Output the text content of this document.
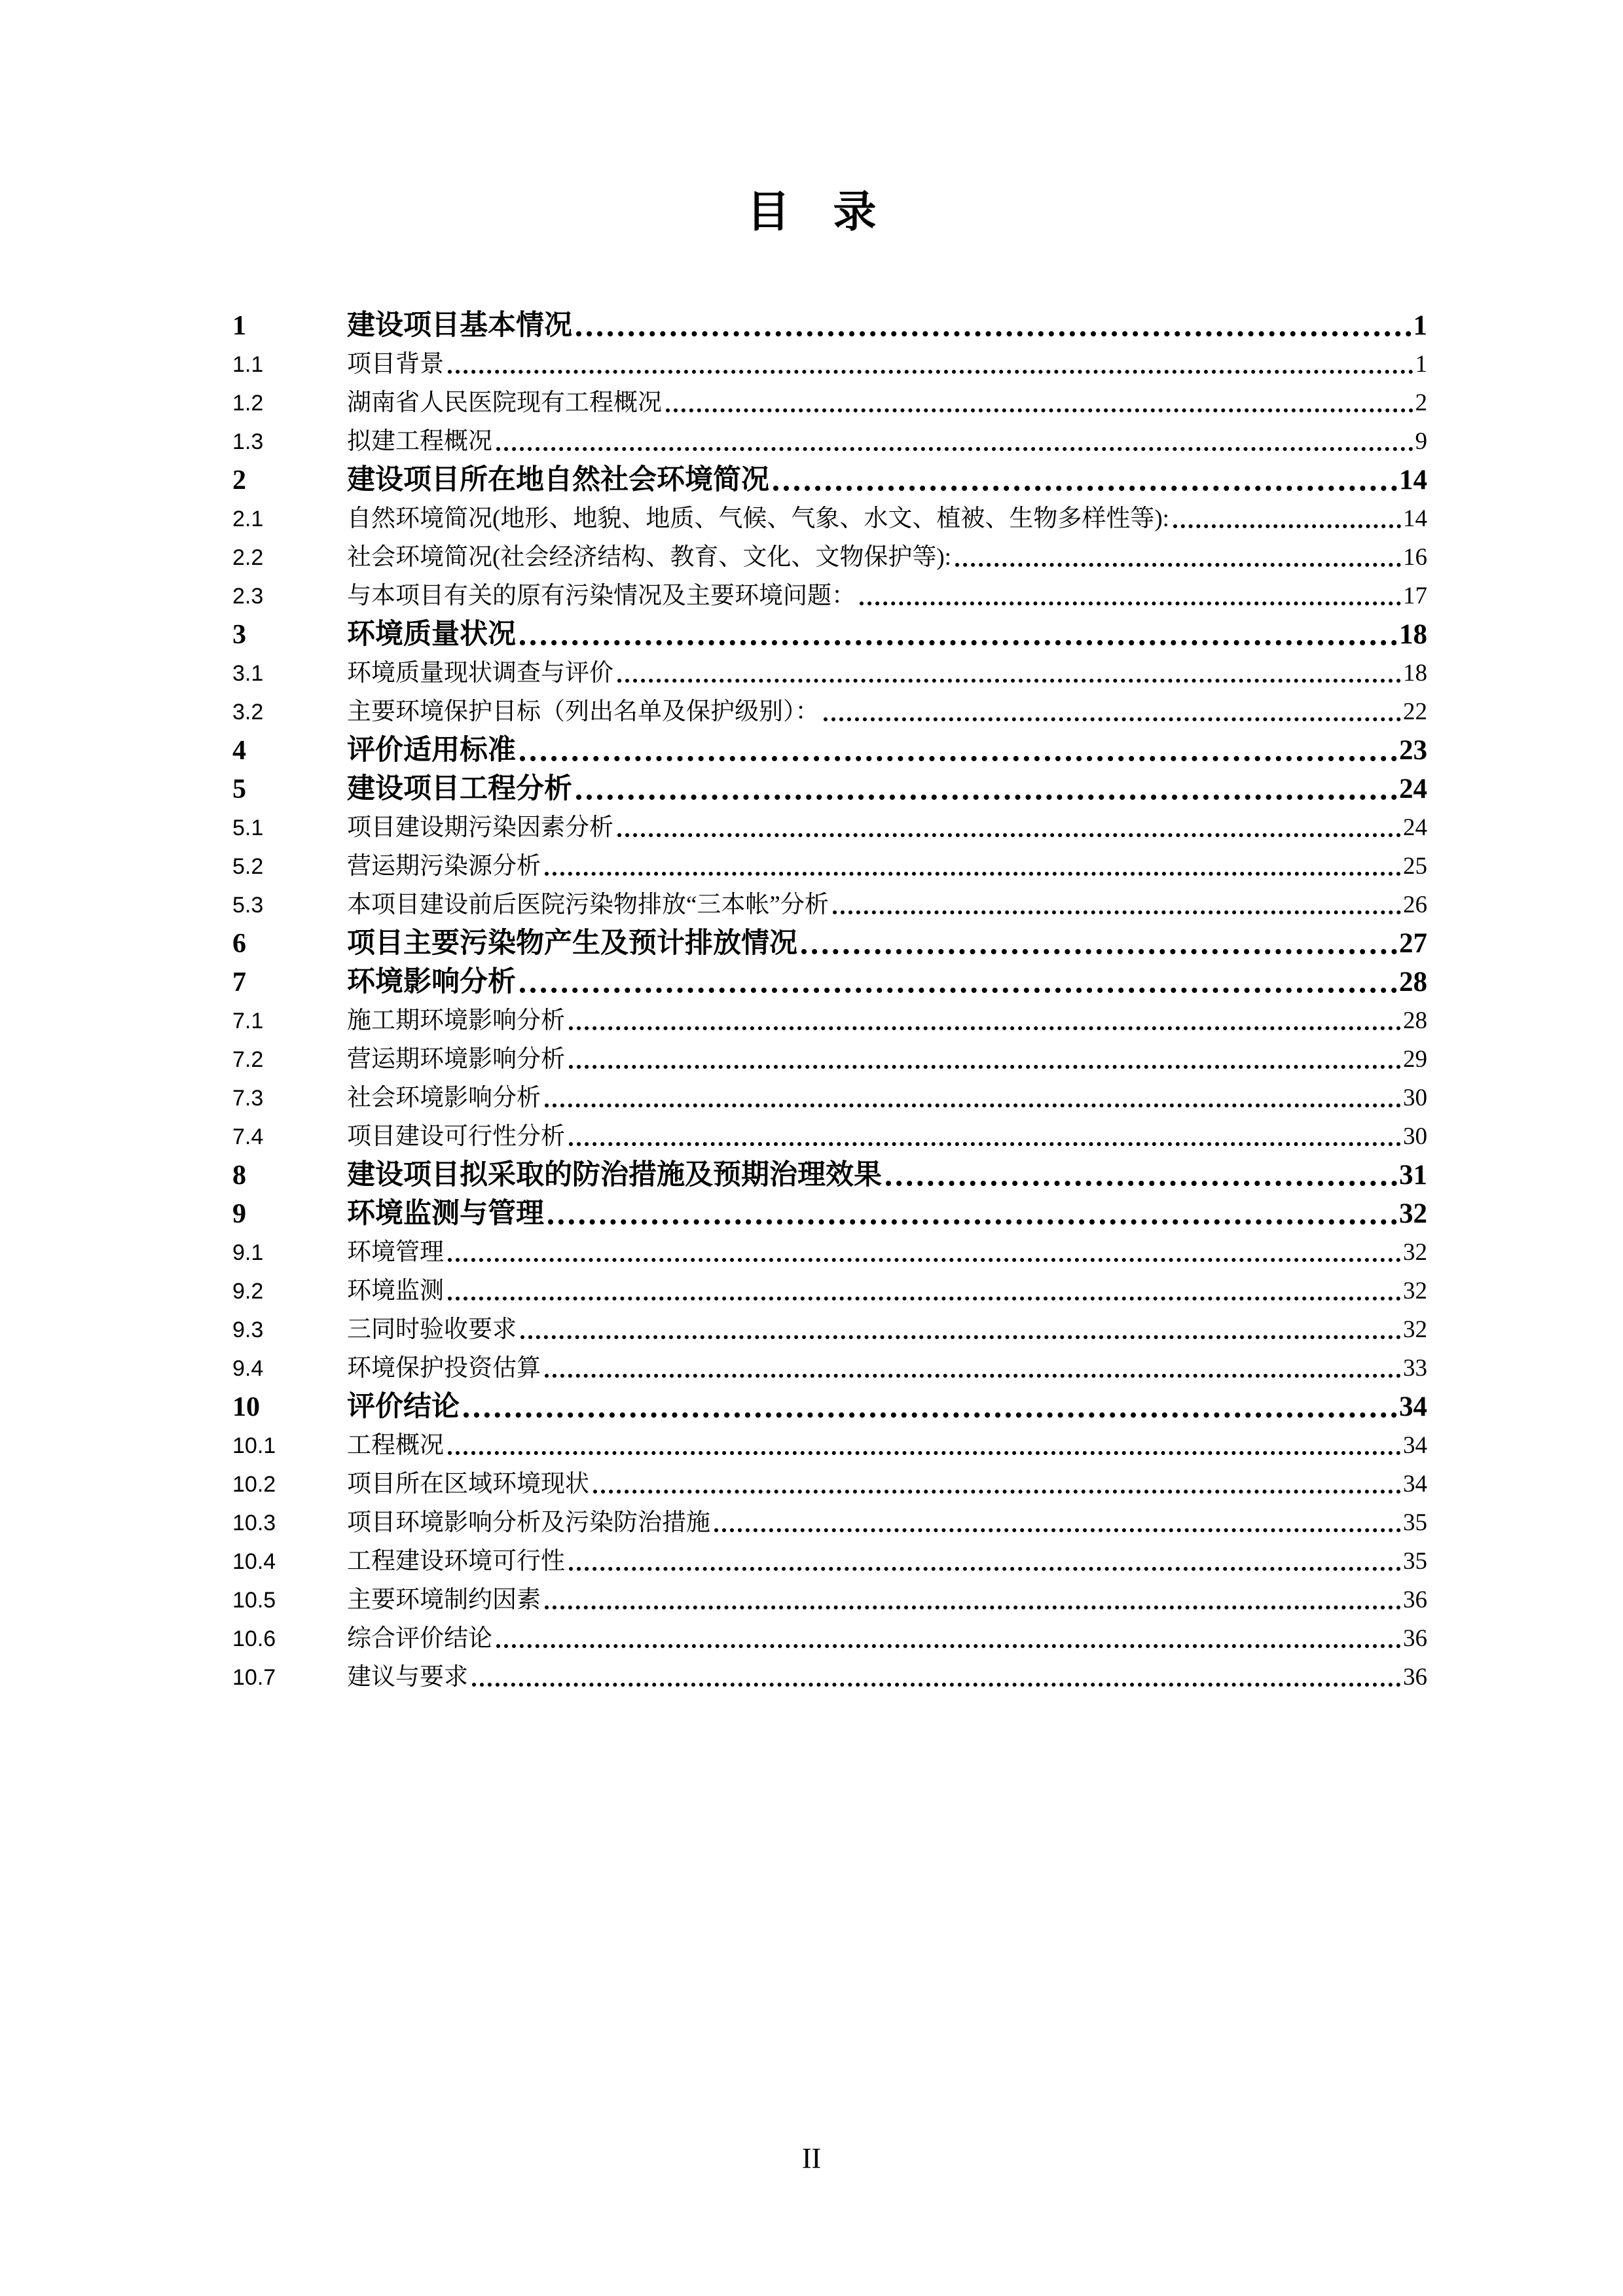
目　录
1	建设项目基本情况	1
1.1	项目背景	1
1.2	湖南省人民医院现有工程概况	2
1.3	拟建工程概况	9
2	建设项目所在地自然社会环境简况	14
2.1	自然环境简况(地形、地貌、地质、气候、气象、水文、植被、生物多样性等):	14
2.2	社会环境简况(社会经济结构、教育、文化、文物保护等):	16
2.3	与本项目有关的原有污染情况及主要环境问题：	17
3	环境质量状况	18
3.1	环境质量现状调查与评价	18
3.2	主要环境保护目标（列出名单及保护级别）：	22
4	评价适用标准	23
5	建设项目工程分析	24
5.1	项目建设期污染因素分析	24
5.2	营运期污染源分析	25
5.3	本项目建设前后医院污染物排放“三本帐”分析	26
6	项目主要污染物产生及预计排放情况	27
7	环境影响分析	28
7.1	施工期环境影响分析	28
7.2	营运期环境影响分析	29
7.3	社会环境影响分析	30
7.4	项目建设可行性分析	30
8	建设项目拟采取的防治措施及预期治理效果	31
9	环境监测与管理	32
9.1	环境管理	32
9.2	环境监测	32
9.3	三同时验收要求	32
9.4	环境保护投资估算	33
10	评价结论	34
10.1	工程概况	34
10.2	项目所在区域环境现状	34
10.3	项目环境影响分析及污染防治措施	35
10.4	工程建设环境可行性	35
10.5	主要环境制约因素	36
10.6	综合评价结论	36
10.7	建议与要求	36
II
